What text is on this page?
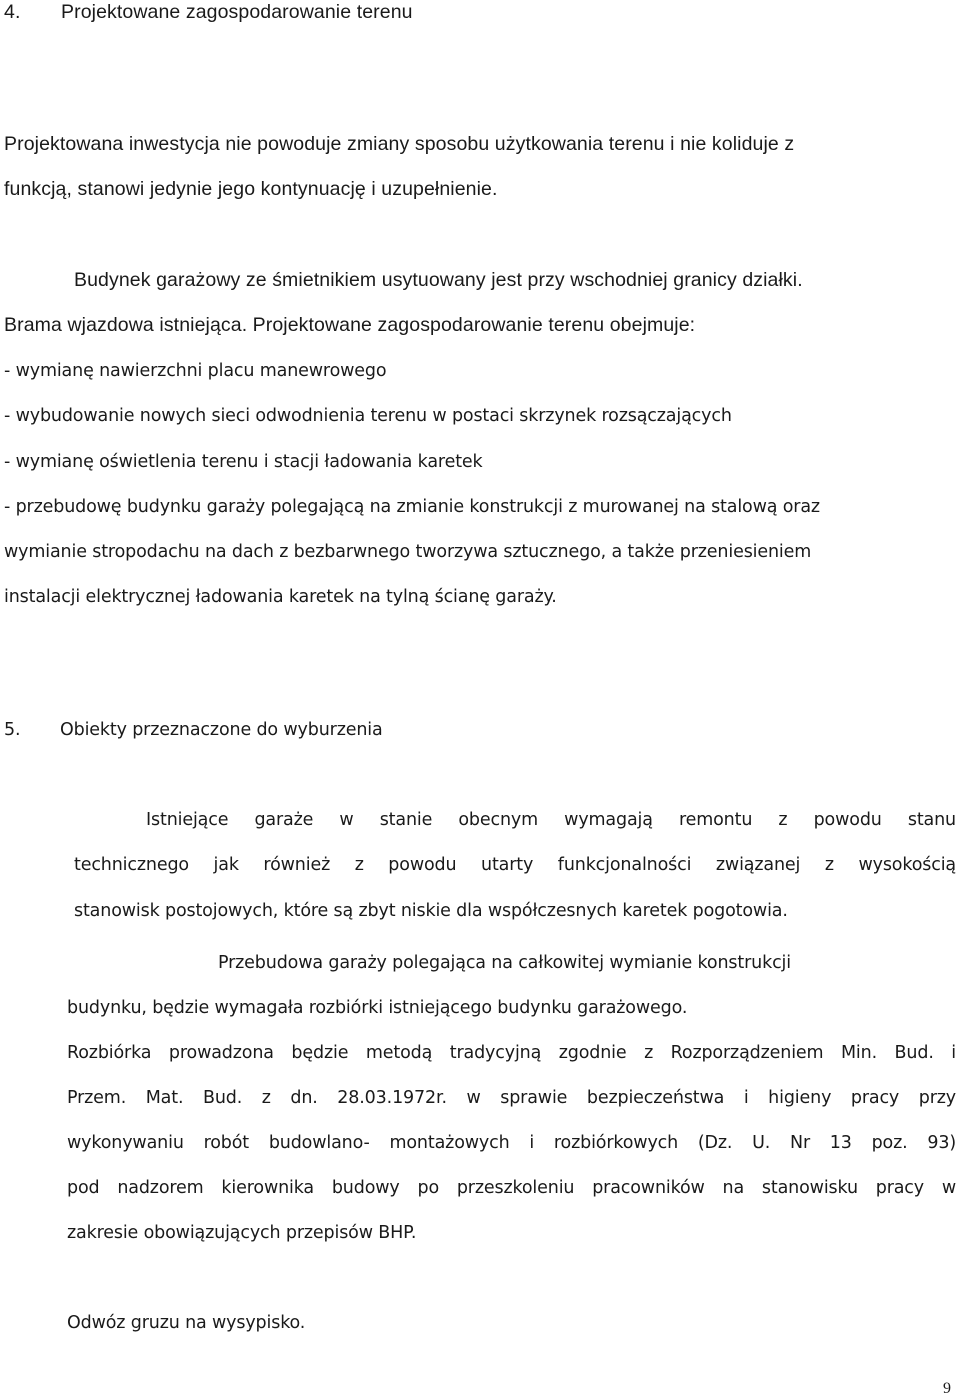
4. Projektowane zagospodarowanie terenu

Projektowana inwestycja nie powoduje zmiany sposobu użytkowania terenu i nie koliduje z

funkcją, stanowi jedynie jego kontynuację i uzupełnienie.

Budynek garażowy ze śmietnikiem usytuowany jest przy wschodniej granicy działki.

Brama wjazdowa istniejąca. Projektowane zagospodarowanie terenu obejmuje:

- wymianę nawierzchni placu manewrowego

- wybudowanie nowych sieci odwodnienia terenu w postaci skrzynek rozsączających

- wymianę oświetlenia terenu i stacji ładowania karetek

- przebudowę budynku garaży polegającą na zmianie konstrukcji z murowanej na stalową oraz

wymianie stropodachu na dach z bezbarwnego tworzywa sztucznego, a także przeniesieniem

instalacji elektrycznej ładowania karetek na tylną ścianę garaży.

5. Obiekty przeznaczone do wyburzenia

Istniejące garaże w stanie obecnym wymagają remontu z powodu stanu

technicznego jak również z powodu utarty funkcjonalności związanej z wysokością

stanowisk postojowych, które są zbyt niskie dla współczesnych karetek pogotowia.

Przebudowa garaży polegająca na całkowitej wymianie konstrukcji

budynku, będzie wymagała rozbiórki istniejącego budynku garażowego.

Rozbiórka prowadzona będzie metodą tradycyjną zgodnie z Rozporządzeniem Min. Bud. i

Przem. Mat. Bud. z dn. 28.03.1972r. w sprawie bezpieczeństwa i higieny pracy przy

wykonywaniu robót budowlano- montażowych i rozbiórkowych (Dz. U. Nr 13 poz. 93)

pod nadzorem kierownika budowy po przeszkoleniu pracowników na stanowisku pracy w

zakresie obowiązujących przepisów BHP.

Odwóz gruzu na wysypisko.

9
